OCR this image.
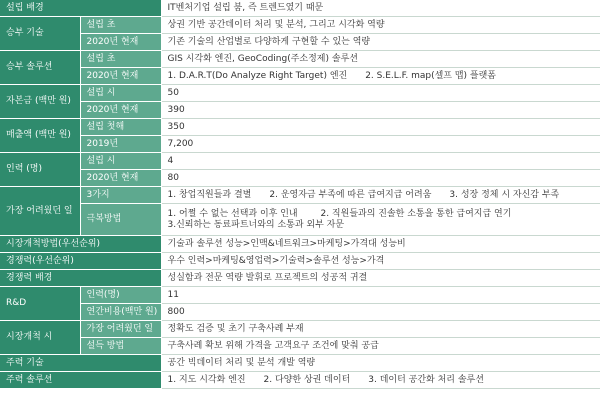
설립 배경		IT벤처기업 설립 붐, 즉 트렌드였기 때문
승부 기술	설립 초	상권 기반 공간데이터 처리 및 분석, 그리고 시각화 역량
	2020년 현재	기존 기술의 산업별로 다양하게 구현할 수 있는 역량
승부 솔루션	설립 초	GIS 시각화 엔진, GeoCoding(주소정제) 솔루션
	2020년 현재	1. D.A.R.T(Do Analyze Right Target) 엔진 2. S.E.L.F. map(셀프 맵) 플랫폼
자본금 (백만 원)	설립 시	50
	2020년 현재	390
매출액 (백만 원)	설립 첫해	350
	2019년	7,200
인력 (명)	설립 시	4
	2020년 현재	80
가장 어려웠던 일	3가지	1. 창업직원들과 결별 2. 운영자금 부족에 따른 급여지급 어려움 3. 성장 정체 시 자신감 부족
	극복방법	1. 어쩔 수 없는 선택과 이후 인내        2. 직원들과의 진솔한 소통을 통한 급여지급 연기
3.신뢰하는 동료파트너와의 소통과 외부 자문

시장개척방법(우선순위)		기술과 솔루션 성능>인맥&네트워크>마케팅>가격대 성능비
경쟁력(우선순위)		우수 인력>마케팅&영업력>기술력>솔루션 성능>가격
경쟁력 배경		성실함과 전문 역량 발휘로 프로젝트의 성공적 귀결
R&D	인력(명)	11
	연간비용(백만 원)	800
시장개척 시	가장 어려웠던 일	정확도 검증 및 초기 구축사례 부재
	설득 방법	구축사례 확보 위해 가격을 고객요구 조건에 맞춰 공급
주력 기술		공간 빅데이터 처리 및 분석 개발 역량
주력 솔루션		1. 지도 시각화 엔진 2. 다양한 상권 데이터 3. 데이터 공간화 처리 솔루션
